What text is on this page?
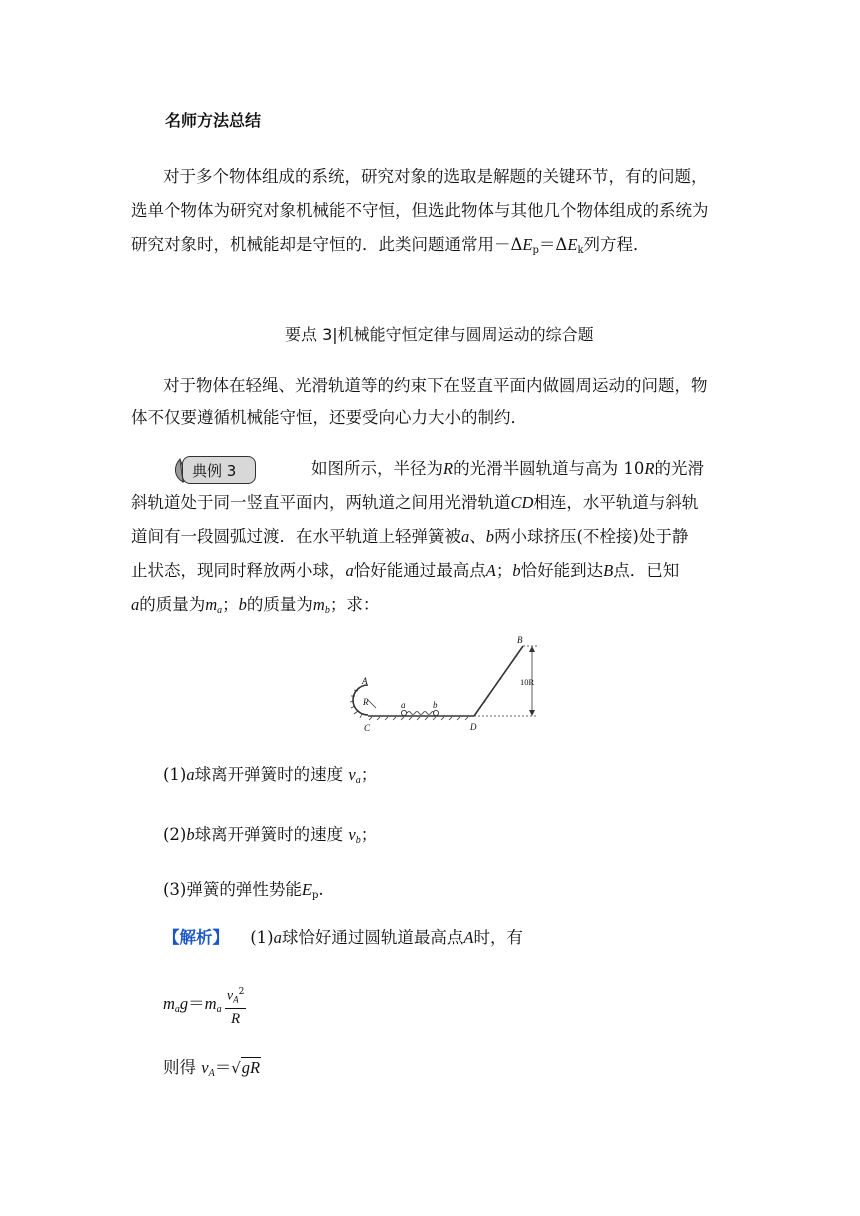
名师方法总结
对于多个物体组成的系统，研究对象的选取是解题的关键环节，有的问题，
选单个物体为研究对象机械能不守恒，但选此物体与其他几个物体组成的系统为
研究对象时，机械能却是守恒的．此类问题通常用$-\Delta E_p=\Delta E_k$列方程．
要点 3|机械能守恒定律与圆周运动的综合题
对于物体在轻绳、光滑轨道等的约束下在竖直平面内做圆周运动的问题，物
体不仅要遵循机械能守恒，还要受向心力大小的制约．
典例 3	如图所示，半径为R的光滑半圆轨道与高为 10R的光滑
斜轨道处于同一竖直平面内，两轨道之间用光滑轨道CD相连，水平轨道与斜轨
道间有一段圆弧过渡．在水平轨道上轻弹簧被a、b两小球挤压(不栓接)处于静
止状态，现同时释放两小球，a恰好能通过最高点A；b恰好能到达B点．已知
a的质量为$m_a$；b的质量为$m_b$；求：
A
R
C
a	b
D
B
10R
(1)a球离开弹簧时的速度 $v_a$；
(2)b球离开弹簧时的速度 $v_b$；
(3)弹簧的弹性势能$E_p$.
【解析】 (1)a球恰好通过圆轨道最高点A时，有
$m_ag=m_a \frac{v_A^2}{R}$
则得 $v_A=√gR$
